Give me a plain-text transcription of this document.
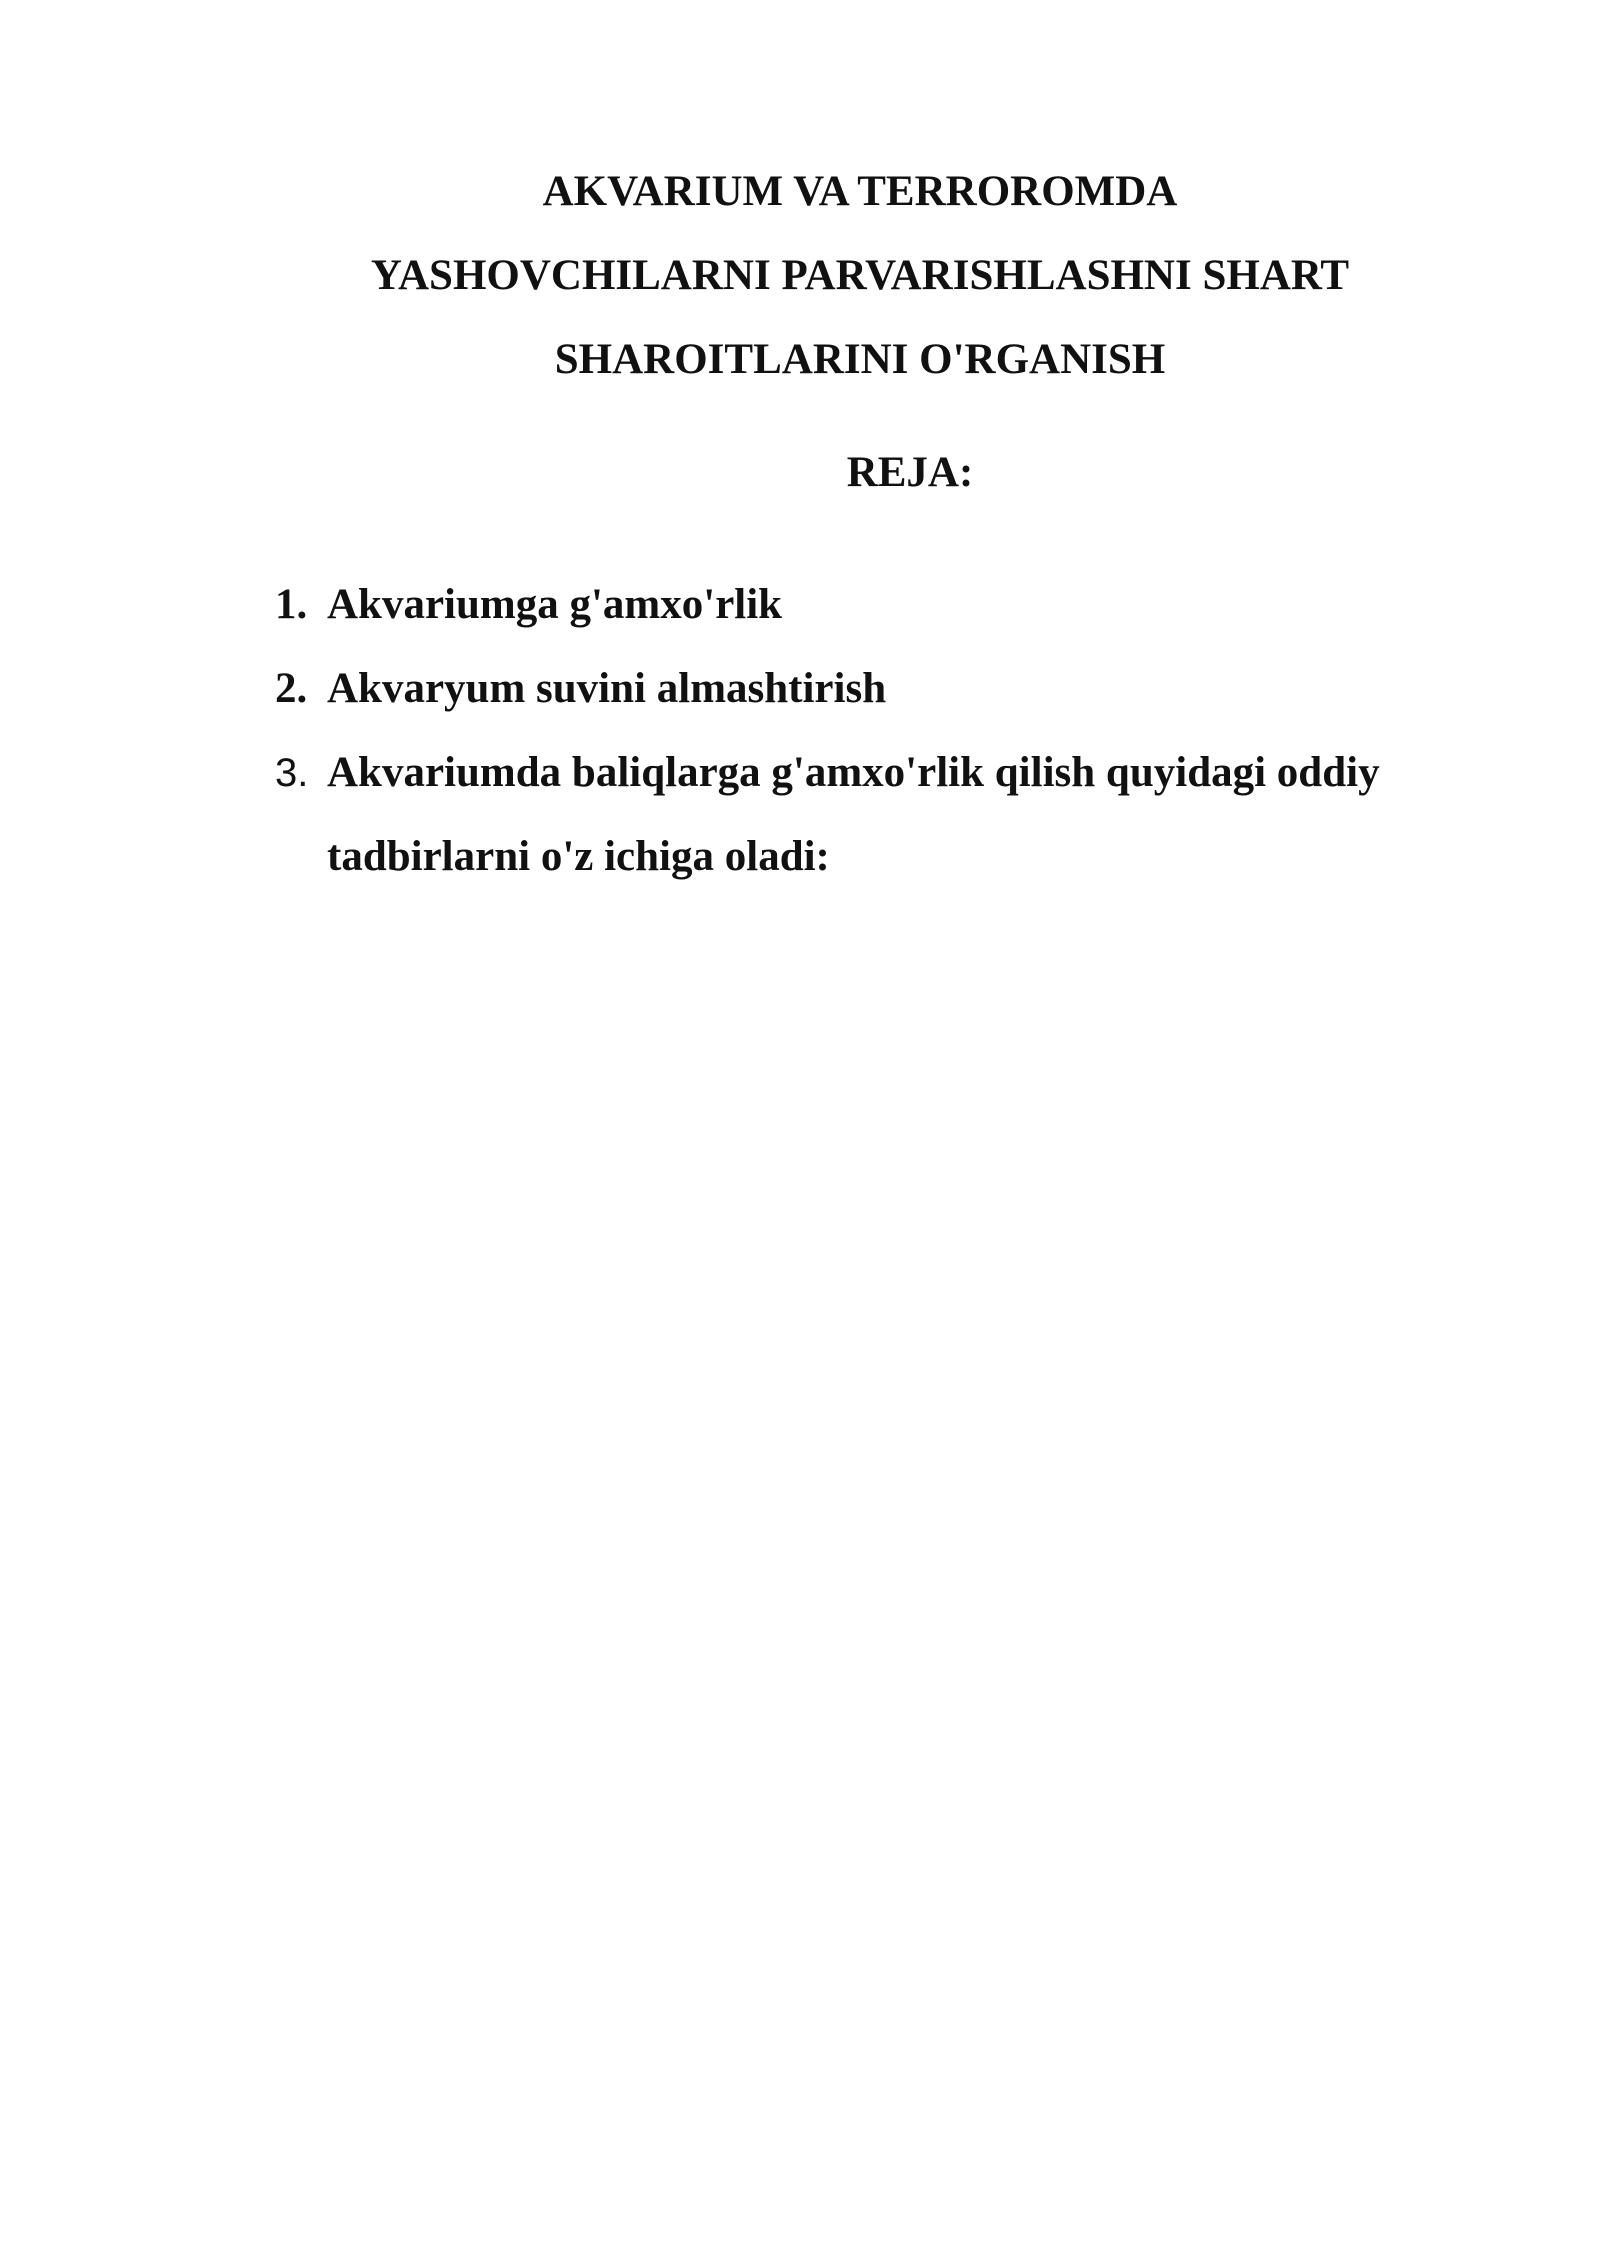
AKVARIUM VA TERROROMDA
YASHOVCHILARNI PARVARISHLASHNI SHART
SHAROITLARINI O'RGANISH
REJA:
1. Akvariumga g'amxo'rlik
2. Akvaryum suvini almashtirish
3. Akvariumda baliqlarga g'amxo'rlik qilish quyidagi oddiy tadbirlarni o'z ichiga oladi:
